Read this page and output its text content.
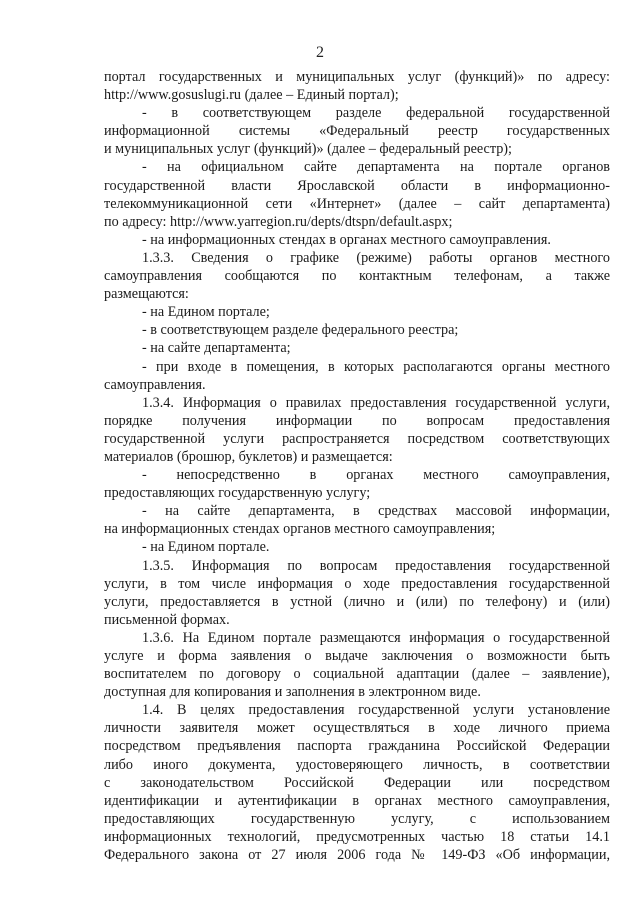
2
портал государственных и муниципальных услуг (функций)» по адресу:
http://www.gosuslugi.ru (далее – Единый портал);
- в соответствующем разделе федеральной государственной
информационной системы «Федеральный реестр государственных
и муниципальных услуг (функций)» (далее – федеральный реестр);
- на официальном сайте департамента на портале органов
государственной власти Ярославской области в информационно-
телекоммуникационной сети «Интернет» (далее – сайт департамента)
по адресу: http://www.yarregion.ru/depts/dtspn/default.aspx;
- на информационных стендах в органах местного самоуправления.
1.3.3. Сведения о графике (режиме) работы органов местного
самоуправления сообщаются по контактным телефонам, а также
размещаются:
- на Едином портале;
- в соответствующем разделе федерального реестра;
- на сайте департамента;
- при входе в помещения, в которых располагаются органы местного
самоуправления.
1.3.4. Информация о правилах предоставления государственной услуги,
порядке получения информации по вопросам предоставления
государственной услуги распространяется посредством соответствующих
материалов (брошюр, буклетов) и размещается:
- непосредственно в органах местного самоуправления,
предоставляющих государственную услугу;
- на сайте департамента, в средствах массовой информации,
на информационных стендах органов местного самоуправления;
- на Едином портале.
1.3.5. Информация по вопросам предоставления государственной
услуги, в том числе информация о ходе предоставления государственной
услуги, предоставляется в устной (лично и (или) по телефону) и (или)
письменной формах.
1.3.6. На Едином портале размещаются информация о государственной
услуге и форма заявления о выдаче заключения о возможности быть
воспитателем по договору о социальной адаптации (далее – заявление),
доступная для копирования и заполнения в электронном виде.
1.4. В целях предоставления государственной услуги установление
личности заявителя может осуществляться в ходе личного приема
посредством предъявления паспорта гражданина Российской Федерации
либо иного документа, удостоверяющего личность, в соответствии
с законодательством Российской Федерации или посредством
идентификации и аутентификации в органах местного самоуправления,
предоставляющих государственную услугу, с использованием
информационных технологий, предусмотренных частью 18 статьи 14.1
Федерального закона от 27 июля 2006 года № 149-ФЗ «Об информации,
